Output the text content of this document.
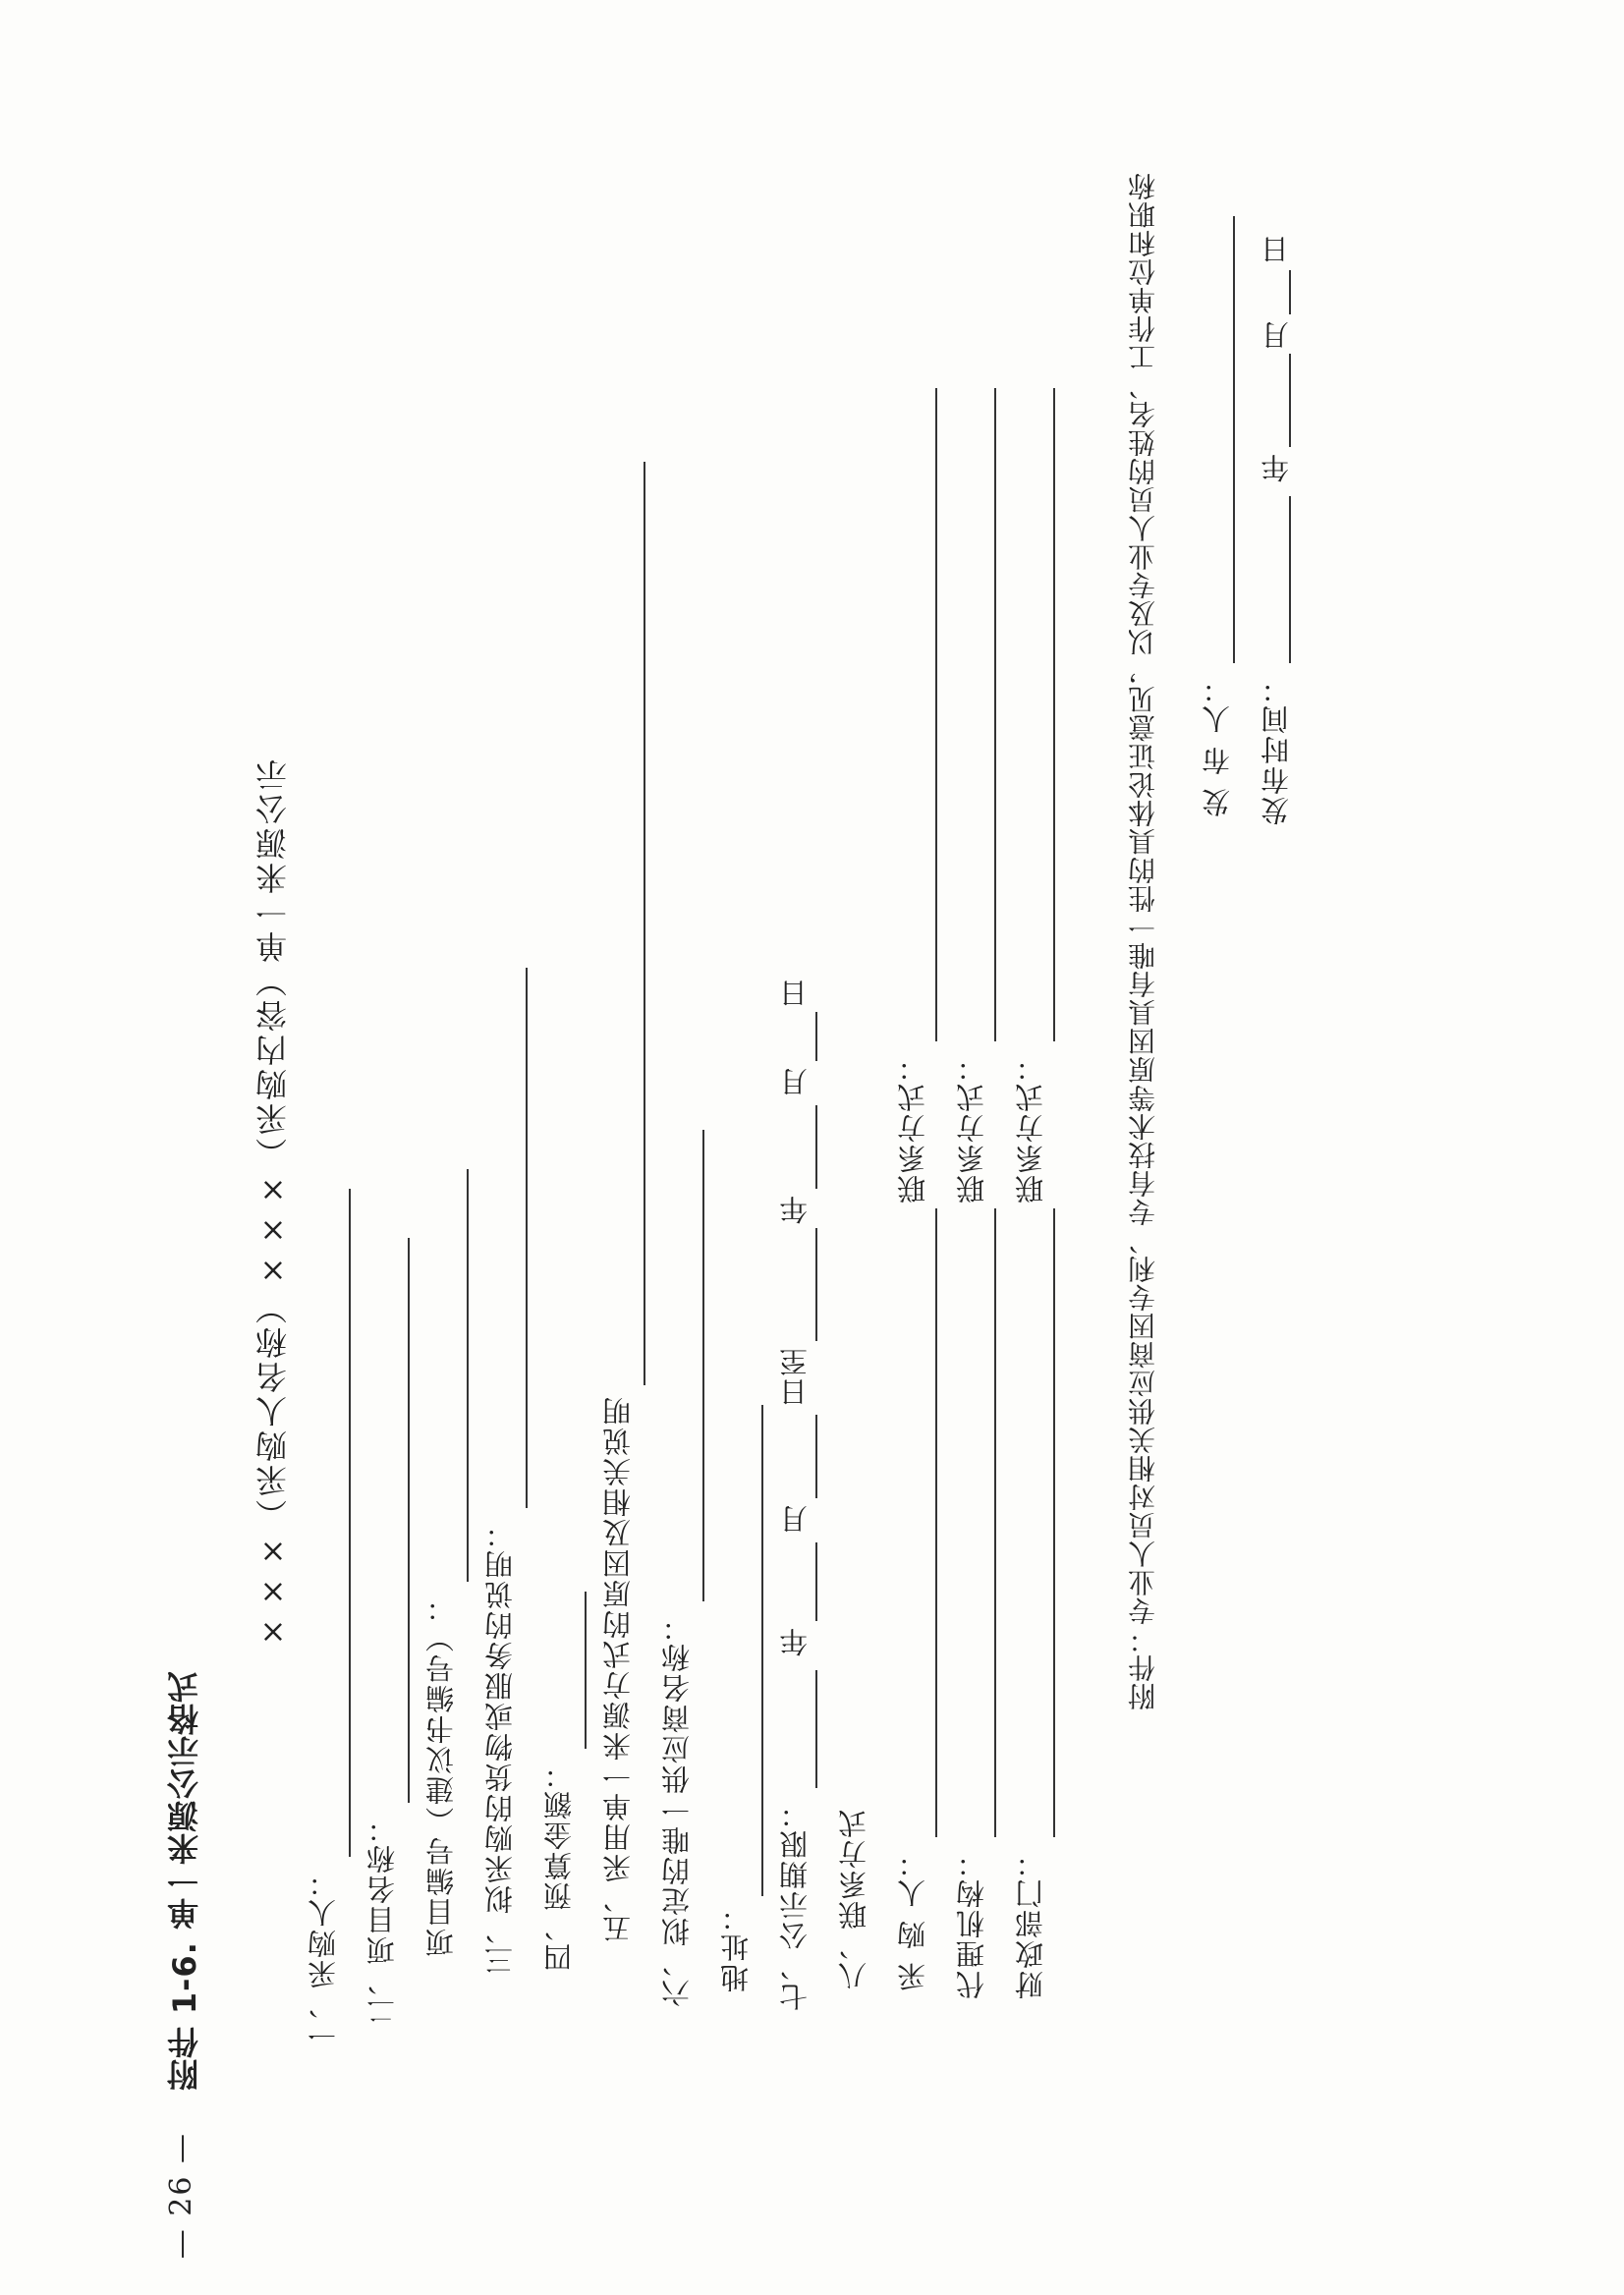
— 26 —
附件 1-6. 单一来源公示格式
×××（采购人名称）×××（采购内容）单一来源公示
一、采购人： 二、项目名称： 项目编号（建议书编号）： 三、拟采购的货物或服务的说明： 四、预算金额： 五、采用单一来源方式的原因及相关说明 六、拟定的唯一供应商名称： 地址： 七、公示期限：
年
月
日至
年
月
日
八、联系方式 采 购 人：
联系方式：
代理机构：
联系方式：
财政部门：
联系方式：	附件：专业人员对相关供应商因专利、专有技术等原因具有唯一性的具体论证意见，以及专业人员的姓名、工作单位和职称 发 布 人： 发布时间：
年
月
日
